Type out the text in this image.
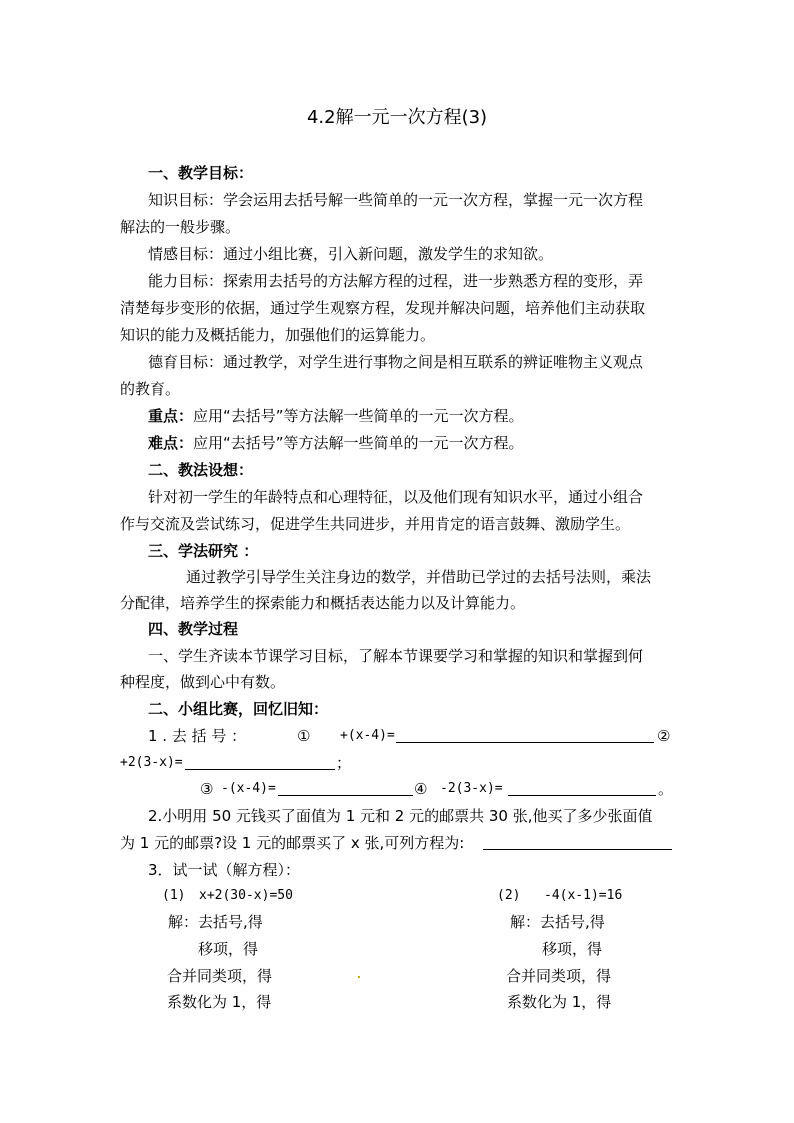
4.2解一元一次方程(3)
一、教学目标：
知识目标：学会运用去括号解一些简单的一元一次方程，掌握一元一次方程
解法的一般步骤。
情感目标：通过小组比赛，引入新问题，激发学生的求知欲。
能力目标：探索用去括号的方法解方程的过程，进一步熟悉方程的变形，弄
清楚每步变形的依据，通过学生观察方程，发现并解决问题，培养他们主动获取
知识的能力及概括能力，加强他们的运算能力。
德育目标：通过教学，对学生进行事物之间是相互联系的辨证唯物主义观点
的教育。
重点：应用“去括号”等方法解一些简单的一元一次方程。
难点：应用“去括号”等方法解一些简单的一元一次方程。
二、教法设想：
针对初一学生的年龄特点和心理特征，以及他们现有知识水平，通过小组合
作与交流及尝试练习，促进学生共同进步，并用肯定的语言鼓舞、激励学生。
三、学法研究 ：
通过教学引导学生关注身边的数学，并借助已学过的去括号法则，乘法
分配律，培养学生的探索能力和概括表达能力以及计算能力。
四、教学过程
一、学生齐读本节课学习目标，了解本节课要学习和掌握的知识和掌握到何
种程度，做到心中有数。
二、小组比赛，回忆旧知：
1 . 去 括 号 ：	① +(x-4)=	②
+2(3-x)=	；
③ -(x-4)=	④ -2(3-x)=	。
2.小明用 50 元钱买了面值为 1 元和 2 元的邮票共 30 张,他买了多少张面值
为 1 元的邮票?设 1 元的邮票买了 x 张,可列方程为:
3．试一试（解方程）：
(1) x+2(30-x)=50	(2) -4(x-1)=16
解：去括号,得	解：去括号,得
移项，得	移项，得
合并同类项，得	合并同类项，得
系数化为 1，得	系数化为 1，得
